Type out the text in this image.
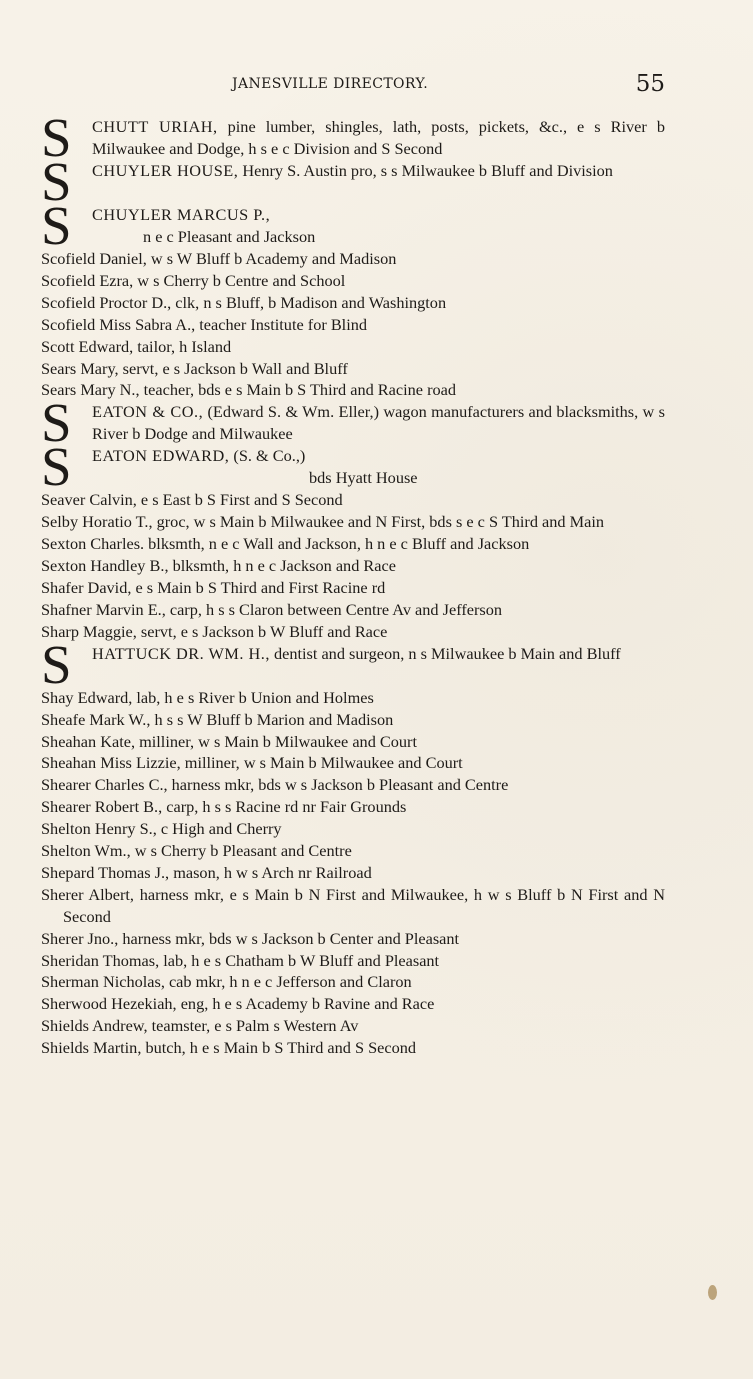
JANESVILLE DIRECTORY.	55
S CHUTT URIAH, pine lumber, shingles, lath, posts, pickets, &c., e s River b Milwaukee and Dodge, h s e c Division and S Second
S CHUYLER HOUSE, Henry S. Austin pro, s s Milwaukee b Bluff and Division
S CHUYLER MARCUS P.,
n e c Pleasant and Jackson

Scofield Daniel, w s W Bluff b Academy and Madison

Scofield Ezra, w s Cherry b Centre and School

Scofield Proctor D., clk, n s Bluff, b Madison and Washington

Scofield Miss Sabra A., teacher Institute for Blind

Scott Edward, tailor, h Island

Sears Mary, servt, e s Jackson b Wall and Bluff

Sears Mary N., teacher, bds e s Main b S Third and Racine road

S EATON & CO., (Edward S. & Wm. Eller,) wagon manufacturers and blacksmiths, w s River b Dodge and Milwaukee
S EATON EDWARD, (S. & Co.,)
bds Hyatt House

Seaver Calvin, e s East b S First and S Second

Selby Horatio T., groc, w s Main b Milwaukee and N First, bds s e c S Third and Main

Sexton Charles. blksmth, n e c Wall and Jackson, h n e c Bluff and Jackson

Sexton Handley B., blksmth, h n e c Jackson and Race

Shafer David, e s Main b S Third and First Racine rd

Shafner Marvin E., carp, h s s Claron between Centre Av and Jefferson

Sharp Maggie, servt, e s Jackson b W Bluff and Race

S HATTUCK DR. WM. H., dentist and surgeon, n s Milwaukee b Main and Bluff

Shay Edward, lab, h e s River b Union and Holmes

Sheafe Mark W., h s s W Bluff b Marion and Madison

Sheahan Kate, milliner, w s Main b Milwaukee and Court

Sheahan Miss Lizzie, milliner, w s Main b Milwaukee and Court

Shearer Charles C., harness mkr, bds w s Jackson b Pleasant and Centre

Shearer Robert B., carp, h s s Racine rd nr Fair Grounds

Shelton Henry S., c High and Cherry

Shelton Wm., w s Cherry b Pleasant and Centre

Shepard Thomas J., mason, h w s Arch nr Railroad

Sherer Albert, harness mkr, e s Main b N First and Milwaukee, h w s Bluff b N First and N Second

Sherer Jno., harness mkr, bds w s Jackson b Center and Pleasant

Sheridan Thomas, lab, h e s Chatham b W Bluff and Pleasant

Sherman Nicholas, cab mkr, h n e c Jefferson and Claron

Sherwood Hezekiah, eng, h e s Academy b Ravine and Race

Shields Andrew, teamster, e s Palm s Western Av

Shields Martin, butch, h e s Main b S Third and S Second
